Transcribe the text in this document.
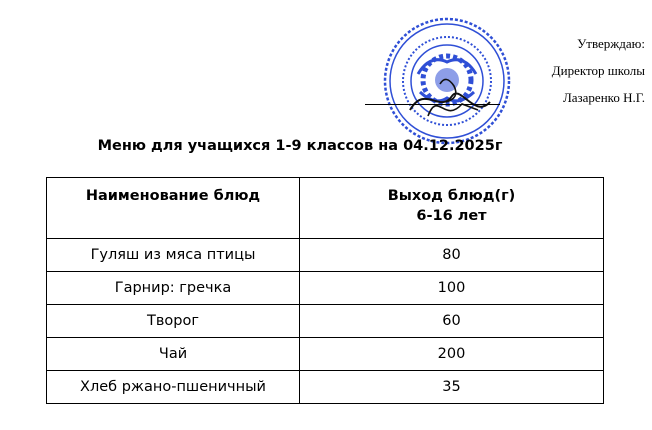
Утверждаю:
Директор школы
Лазаренко Н.Г.
Меню для учащихся 1-9 классов на 04.12.2025г
Наименование блюд	Выход блюд(г)
6-16 лет

Гуляш из мяса птицы	80
Гарнир: гречка	100
Творог	60
Чай	200
Хлеб ржано-пшеничный	35
